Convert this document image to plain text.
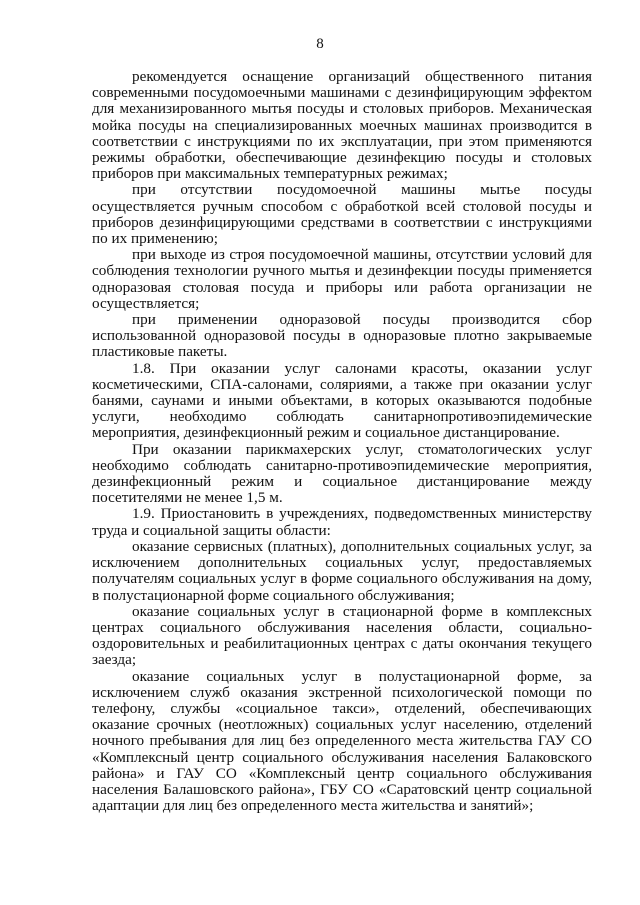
8

рекомендуется оснащение организаций общественного питания современными посудомоечными машинами с дезинфицирующим эффектом для механизированного мытья посуды и столовых приборов. Механическая мойка посуды на специализированных моечных машинах производится в соответствии с инструкциями по их эксплуатации, при этом применяются режимы обработки, обеспечивающие дезинфекцию посуды и столовых приборов при максимальных температурных режимах;

при отсутствии посудомоечной машины мытье посуды осуществляется ручным способом с обработкой всей столовой посуды и приборов дезинфицирующими средствами в соответствии с инструкциями по их применению;

при выходе из строя посудомоечной машины, отсутствии условий для соблюдения технологии ручного мытья и дезинфекции посуды применяется одноразовая столовая посуда и приборы или работа организации не осуществляется;

при применении одноразовой посуды производится сбор использованной одноразовой посуды в одноразовые плотно закрываемые пластиковые пакеты.

1.8. При оказании услуг салонами красоты, оказании услуг косметическими, СПА-салонами, соляриями, а также при оказании услуг банями, саунами и иными объектами, в которых оказываются подобные услуги, необходимо соблюдать санитарнопротивоэпидемические мероприятия, дезинфекционный режим и социальное дистанцирование.

При оказании парикмахерских услуг, стоматологических услуг необходимо соблюдать санитарно-противоэпидемические мероприятия, дезинфекционный режим и социальное дистанцирование между посетителями не менее 1,5 м.

1.9. Приостановить в учреждениях, подведомственных министерству труда и социальной защиты области:

оказание сервисных (платных), дополнительных социальных услуг, за исключением дополнительных социальных услуг, предоставляемых получателям социальных услуг в форме социального обслуживания на дому, в полустационарной форме социального обслуживания;

оказание социальных услуг в стационарной форме в комплексных центрах социального обслуживания населения области, социально-оздоровительных и реабилитационных центрах с даты окончания текущего заезда;

оказание социальных услуг в полустационарной форме, за исключением служб оказания экстренной психологической помощи по телефону, службы «социальное такси», отделений, обеспечивающих оказание срочных (неотложных) социальных услуг населению, отделений ночного пребывания для лиц без определенного места жительства ГАУ СО «Комплексный центр социального обслуживания населения Балаковского района» и ГАУ СО «Комплексный центр социального обслуживания населения Балашовского района», ГБУ СО «Саратовский центр социальной адаптации для лиц без определенного места жительства и занятий»;
